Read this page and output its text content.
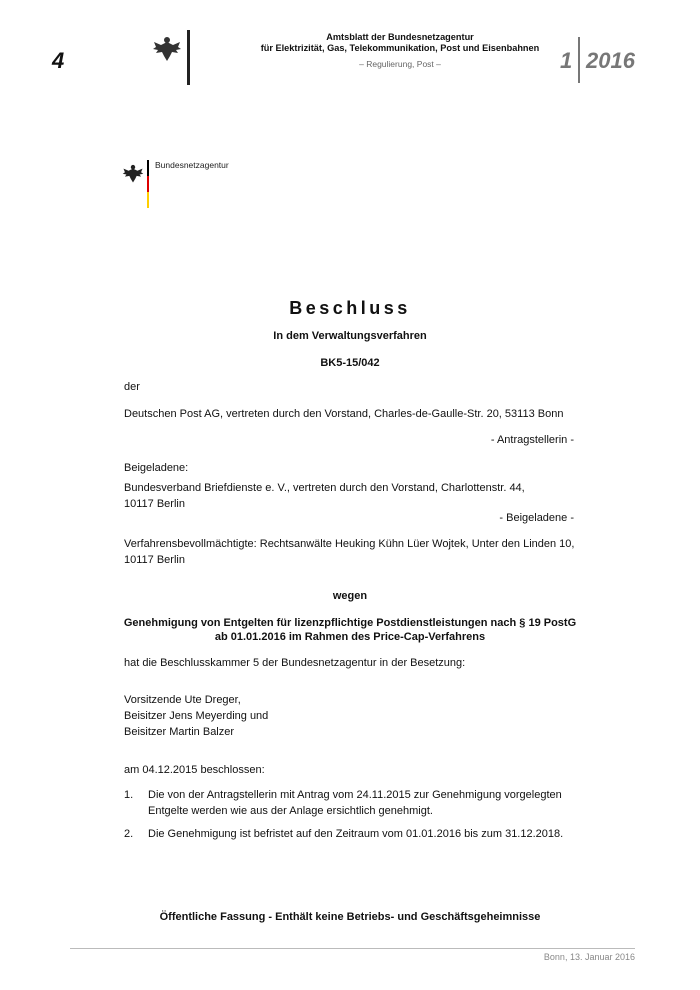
4
Amtsblatt der Bundesnetzagentur
für Elektrizität, Gas, Telekommunikation, Post und Eisenbahnen
– Regulierung, Post –	1 2016
Bundesnetzagentur
Beschluss
In dem Verwaltungsverfahren
BK5-15/042
der
Deutschen Post AG, vertreten durch den Vorstand, Charles-de-Gaulle-Str. 20, 53113 Bonn
- Antragstellerin -
Beigeladene:
Bundesverband Briefdienste e. V., vertreten durch den Vorstand, Charlottenstr. 44,
10117 Berlin
- Beigeladene -
Verfahrensbevollmächtigte: Rechtsanwälte Heuking Kühn Lüer Wojtek, Unter den Linden 10,
10117 Berlin
wegen
Genehmigung von Entgelten für lizenzpflichtige Postdienstleistungen nach § 19 PostG
ab 01.01.2016 im Rahmen des Price-Cap-Verfahrens
hat die Beschlusskammer 5 der Bundesnetzagentur in der Besetzung:
Vorsitzende Ute Dreger,
Beisitzer Jens Meyerding und
Beisitzer Martin Balzer
am 04.12.2015 beschlossen:
1. Die von der Antragstellerin mit Antrag vom 24.11.2015 zur Genehmigung vorgelegten
Entgelte werden wie aus der Anlage ersichtlich genehmigt.
2. Die Genehmigung ist befristet auf den Zeitraum vom 01.01.2016 bis zum 31.12.2018.
Öffentliche Fassung - Enthält keine Betriebs- und Geschäftsgeheimnisse
Bonn, 13. Januar 2016
